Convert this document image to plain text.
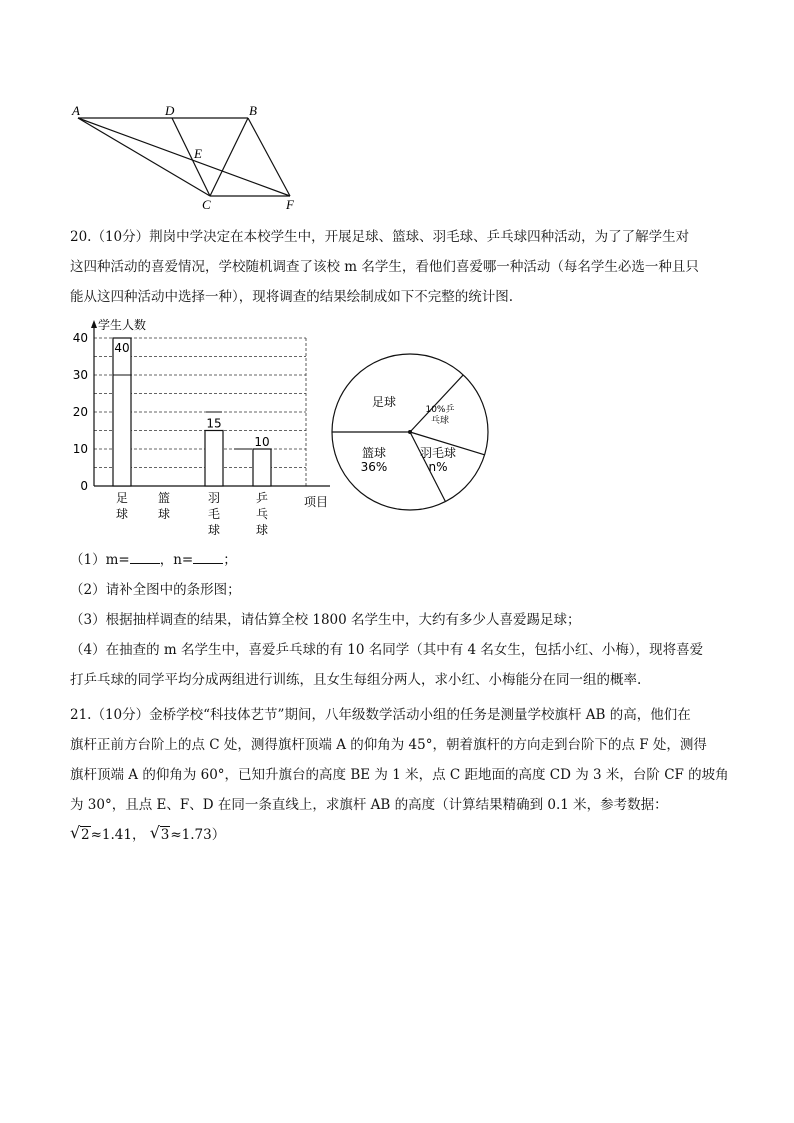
A	D	B
E
C	F
20.（10分）荆岗中学决定在本校学生中，开展足球、篮球、羽毛球、乒乓球四种活动，为了了解学生对
这四种活动的喜爱情况，学校随机调查了该校 m 名学生，看他们喜爱哪一种活动（每名学生必选一种且只
能从这四种活动中选择一种），现将调查的结果绘制成如下不完整的统计图.
学生人数
项目
0
10
20
30
40
40
足
球
篮
球
15
羽
毛
球
10
乒
乓
球
足球
10%乒
乓球
羽毛球
n%
篮球
36%
（1）m= ，n= ；
（2）请补全图中的条形图；
（3）根据抽样调查的结果，请估算全校 1800 名学生中，大约有多少人喜爱踢足球；
（4）在抽查的 m 名学生中，喜爱乒乓球的有 10 名同学（其中有 4 名女生，包括小红、小梅），现将喜爱
打乒乓球的同学平均分成两组进行训练，且女生每组分两人，求小红、小梅能分在同一组的概率.
21.（10分）金桥学校“科技体艺节”期间，八年级数学活动小组的任务是测量学校旗杆 AB 的高，他们在
旗杆正前方台阶上的点 C 处，测得旗杆顶端 A 的仰角为 45°，朝着旗杆的方向走到台阶下的点 F 处，测得
旗杆顶端 A 的仰角为 60°，已知升旗台的高度 BE 为 1 米，点 C 距地面的高度 CD 为 3 米，台阶 CF 的坡角
为 30°，且点 E、F、D 在同一条直线上，求旗杆 AB 的高度（计算结果精确到 0.1 米，参考数据：
√ 2≈1.41， √ 3≈1.73）
